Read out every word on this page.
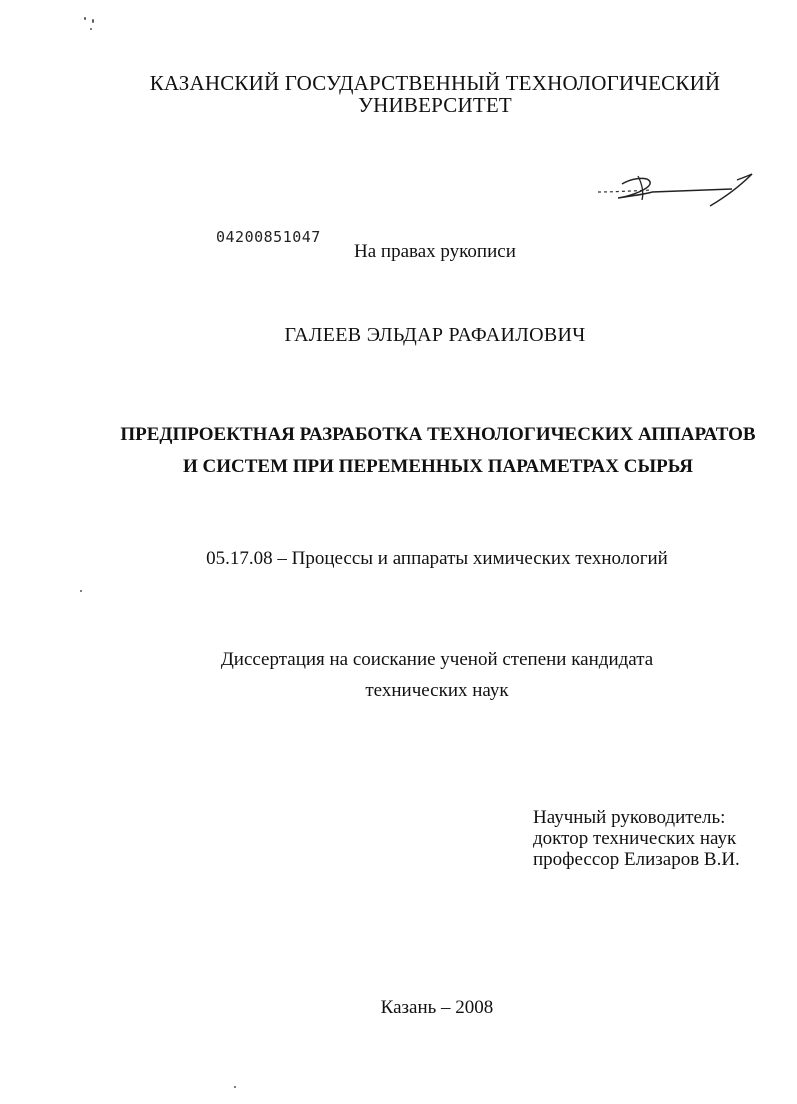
КАЗАНСКИЙ ГОСУДАРСТВЕННЫЙ ТЕХНОЛОГИЧЕСКИЙ
УНИВЕРСИТЕТ

04200851047
На правах рукописи
ГАЛЕЕВ ЭЛЬДАР РАФАИЛОВИЧ
ПРЕДПРОЕКТНАЯ РАЗРАБОТКА ТЕХНОЛОГИЧЕСКИХ АППАРАТОВ
И СИСТЕМ ПРИ ПЕРЕМЕННЫХ ПАРАМЕТРАХ СЫРЬЯ
05.17.08 – Процессы и аппараты химических технологий

Диссертация на соискание ученой степени кандидата
технических наук

Научный руководитель:
доктор технических наук
профессор Елизаров В.И.

Казань – 2008
